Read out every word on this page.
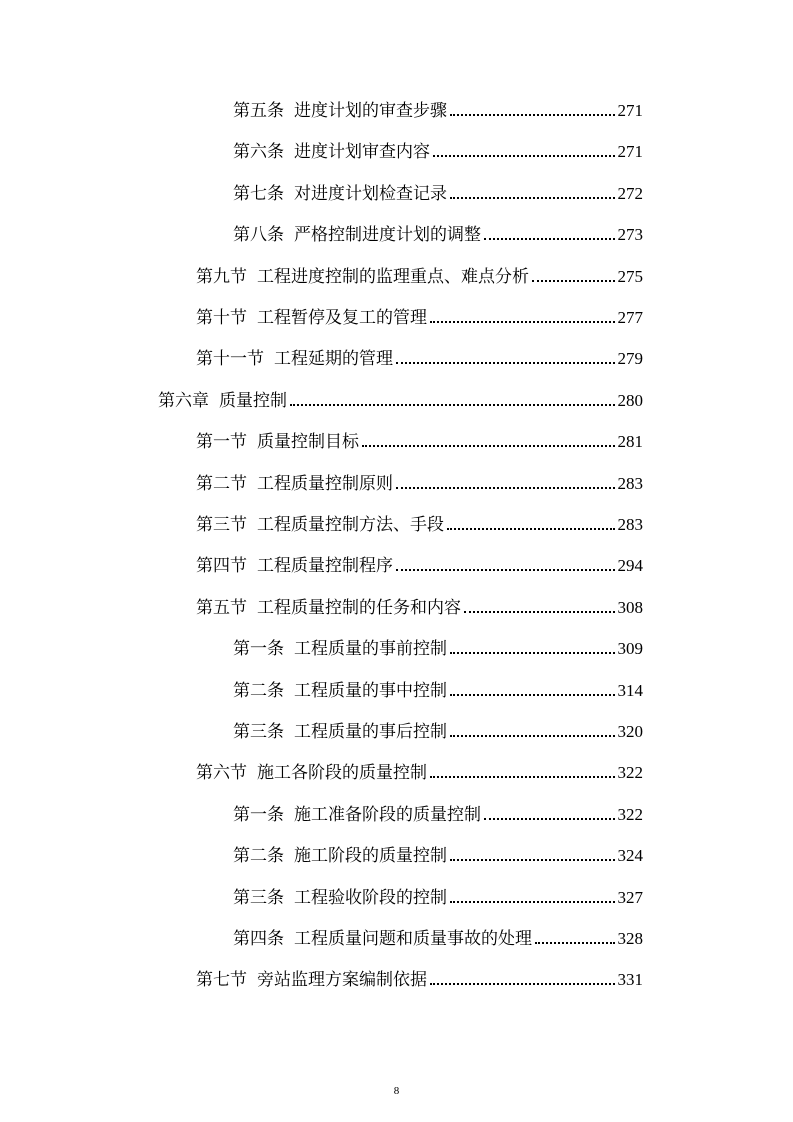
第五条 进度计划的审查步骤	271
第六条 进度计划审查内容	271
第七条 对进度计划检查记录	272
第八条 严格控制进度计划的调整	273
第九节 工程进度控制的监理重点、难点分析	275
第十节 工程暂停及复工的管理	277
第十一节 工程延期的管理	279
第六章 质量控制	280
第一节 质量控制目标	281
第二节 工程质量控制原则	283
第三节 工程质量控制方法、手段	283
第四节 工程质量控制程序	294
第五节 工程质量控制的任务和内容	308
第一条 工程质量的事前控制	309
第二条 工程质量的事中控制	314
第三条 工程质量的事后控制	320
第六节 施工各阶段的质量控制	322
第一条 施工准备阶段的质量控制	322
第二条 施工阶段的质量控制	324
第三条 工程验收阶段的控制	327
第四条 工程质量问题和质量事故的处理	328
第七节 旁站监理方案编制依据	331
8
